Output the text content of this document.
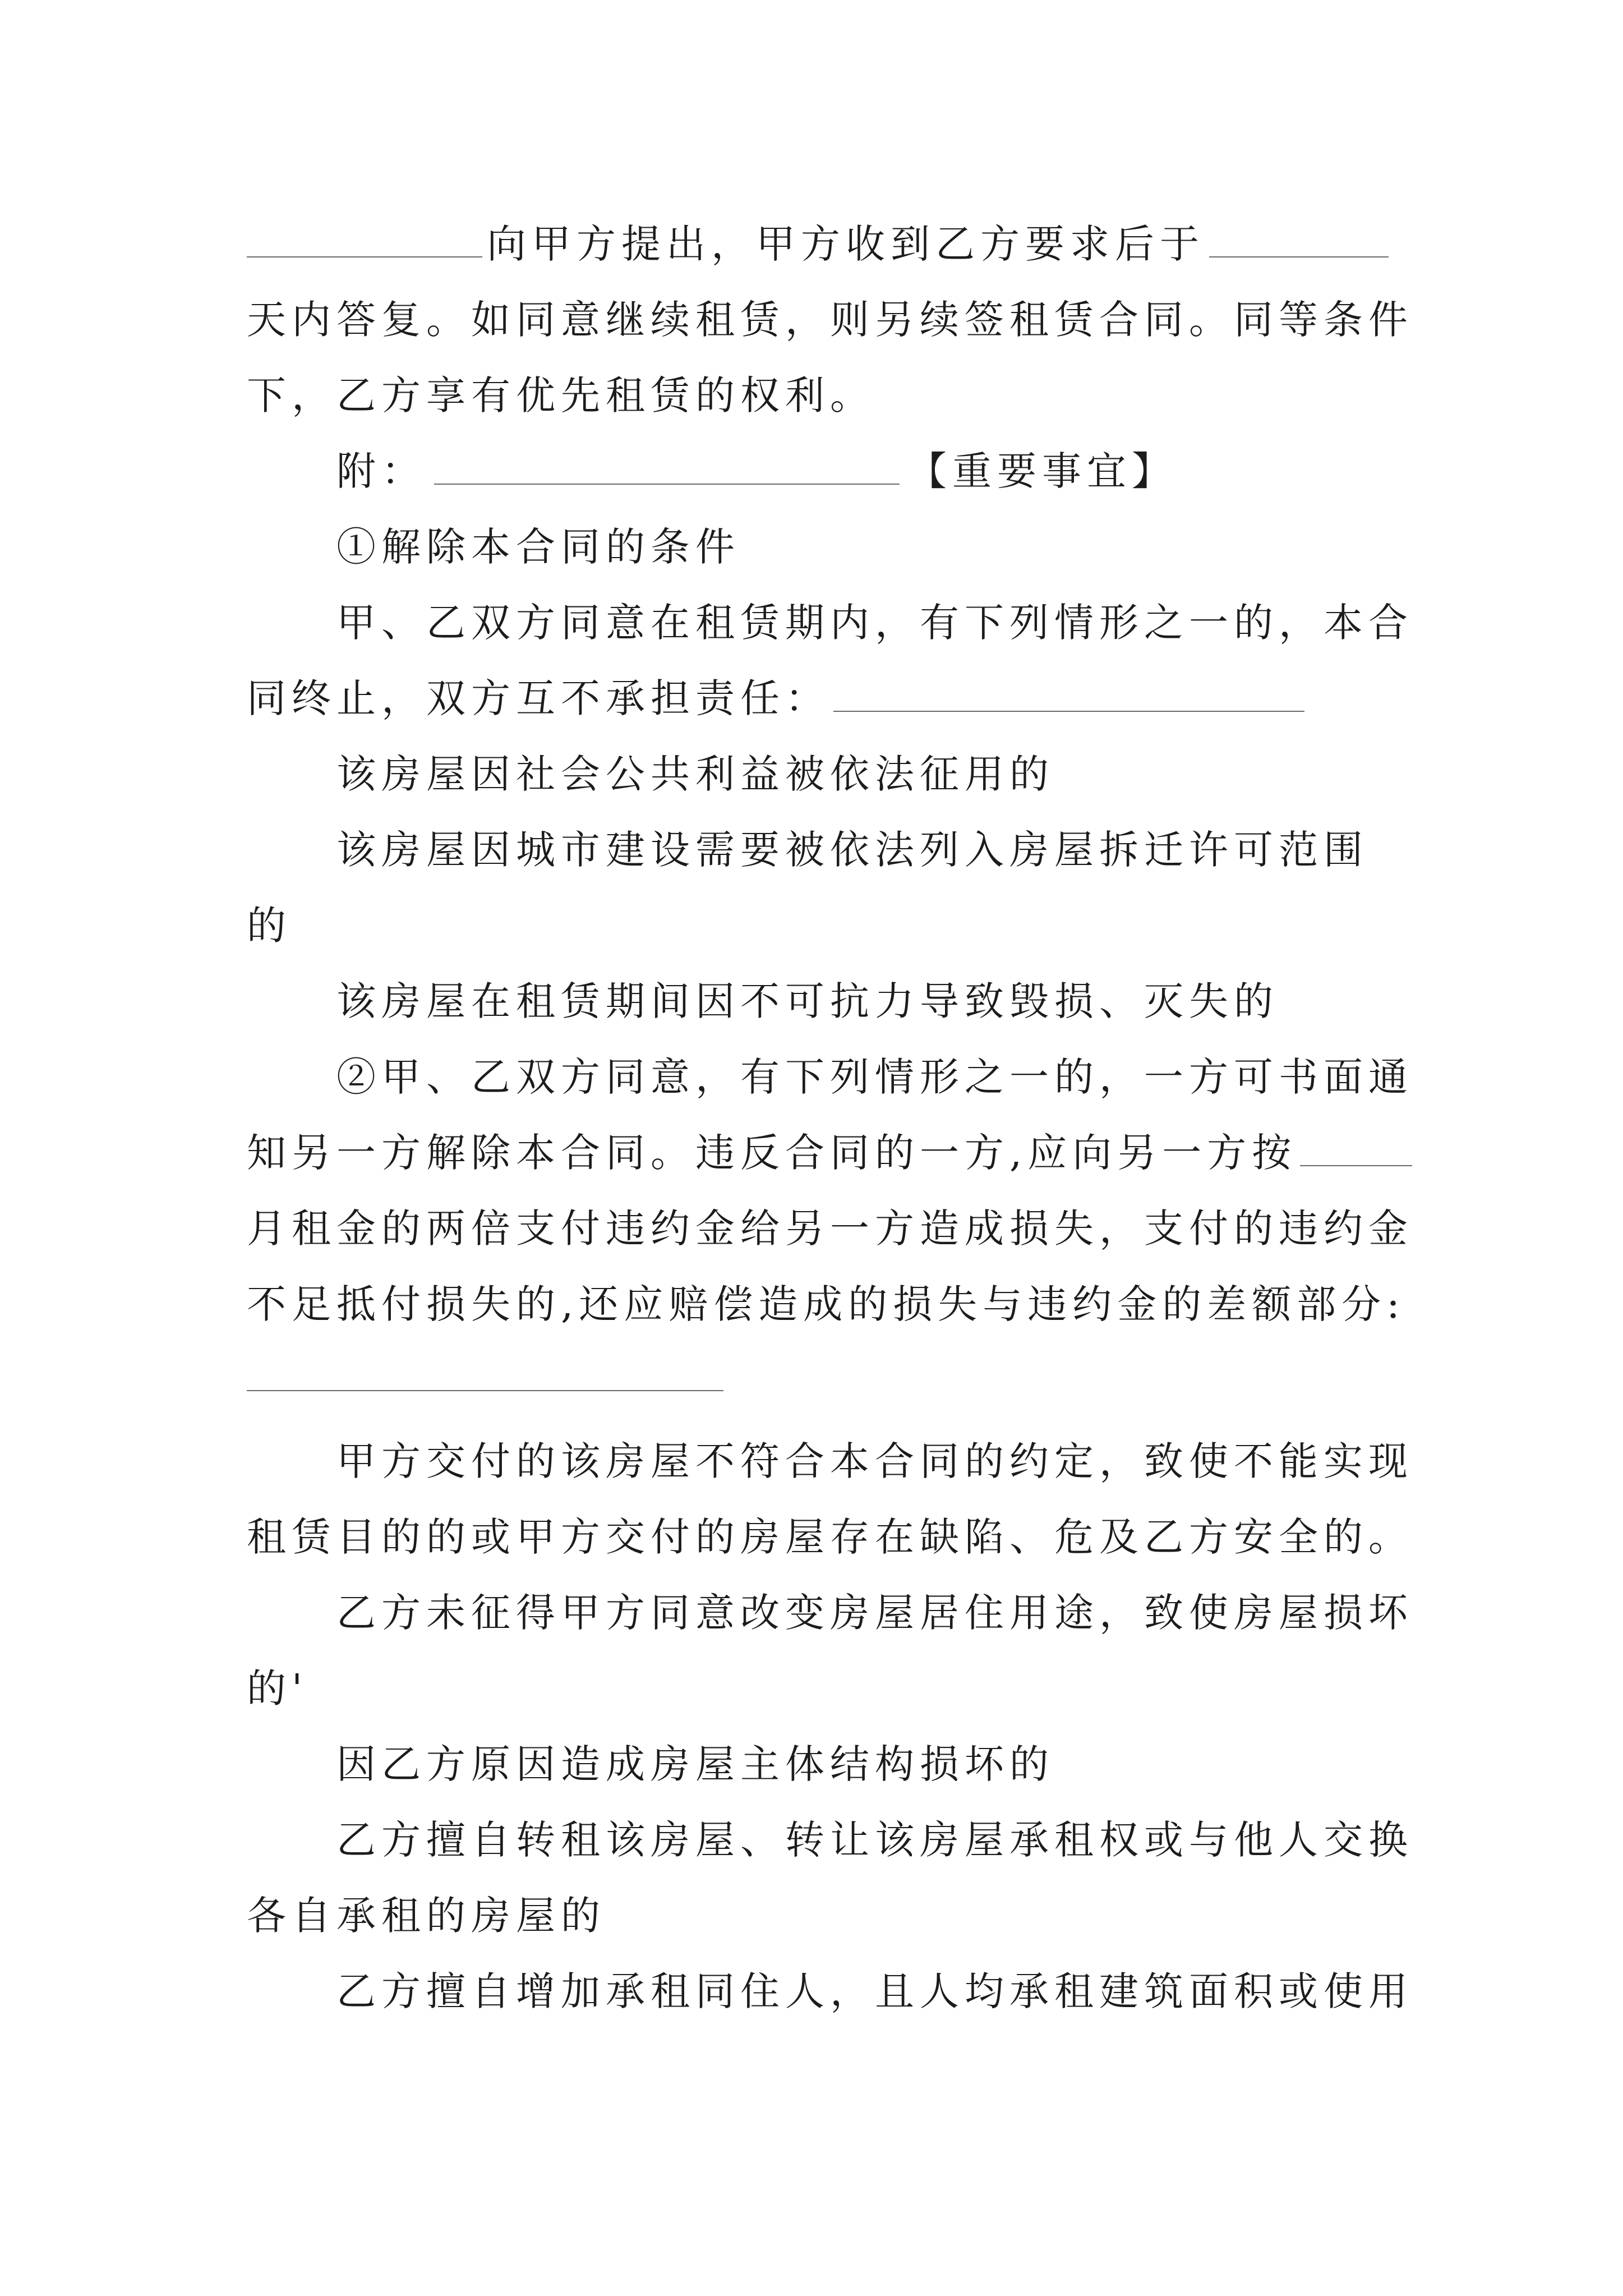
向甲方提出，甲方收到乙方要求后于
天内答复。如同意继续租赁，则另续签租赁合同。同等条件
下，乙方享有优先租赁的权利。
附：	【重要事宜】
①解除本合同的条件
甲、乙双方同意在租赁期内，有下列情形之一的，本合
同终止，双方互不承担责任：
该房屋因社会公共利益被依法征用的
该房屋因城市建设需要被依法列入房屋拆迁许可范围
的
该房屋在租赁期间因不可抗力导致毁损、灭失的
②甲、乙双方同意，有下列情形之一的，一方可书面通
知另一方解除本合同。违反合同的一方,应向另一方按
月租金的两倍支付违约金给另一方造成损失，支付的违约金
不足抵付损失的,还应赔偿造成的损失与违约金的差额部分:
甲方交付的该房屋不符合本合同的约定，致使不能实现
租赁目的的或甲方交付的房屋存在缺陷、危及乙方安全的。
乙方未征得甲方同意改变房屋居住用途，致使房屋损坏
的'
因乙方原因造成房屋主体结构损坏的
乙方擅自转租该房屋、转让该房屋承租权或与他人交换
各自承租的房屋的
乙方擅自增加承租同住人，且人均承租建筑面积或使用
